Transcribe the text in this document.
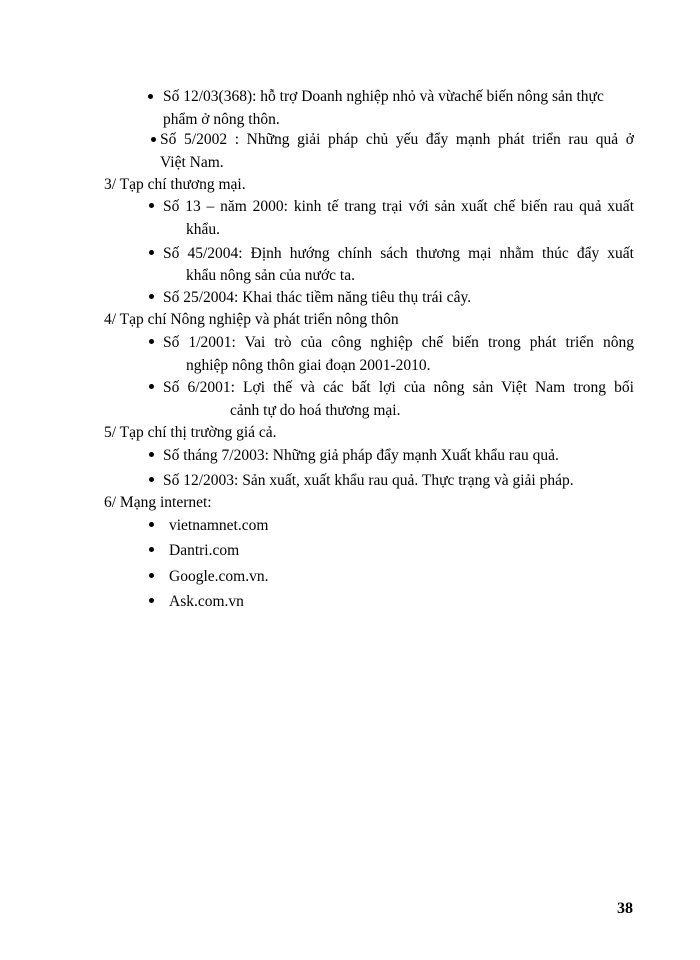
Số 12/03(368): hỗ trợ Doanh nghiệp nhỏ và vừachế biến nông sản thực
phẩm ở nông thôn.
Số 5/2002 : Những giải pháp chủ yếu đẩy mạnh phát triển rau quả ở
Việt Nam.
3/ Tạp chí thương mại.
Số 13 – năm 2000: kinh tế trang trại với sản xuất chế biến rau quả xuất
khẩu.
Số 45/2004: Định hướng chính sách thương mại nhằm thúc đẩy xuất
khẩu nông sản của nước ta.
Số 25/2004: Khai thác tiềm năng tiêu thụ trái cây.
4/ Tạp chí Nông nghiệp và phát triển nông thôn
Số 1/2001: Vai trò của công nghiệp chế biến trong phát triển nông
nghiệp nông thôn giai đoạn 2001-2010.
Số 6/2001: Lợi thế và các bất lợi của nông sản Việt Nam trong bối
cảnh tự do hoá thương mại.
5/ Tạp chí thị trường giá cả.
Số tháng 7/2003: Những giả pháp đẩy mạnh Xuất khẩu rau quả.
Số 12/2003: Sản xuất, xuất khẩu rau quả. Thực trạng và giải pháp.
6/ Mạng internet:
vietnamnet.com
Dantri.com
Google.com.vn.
Ask.com.vn
38
